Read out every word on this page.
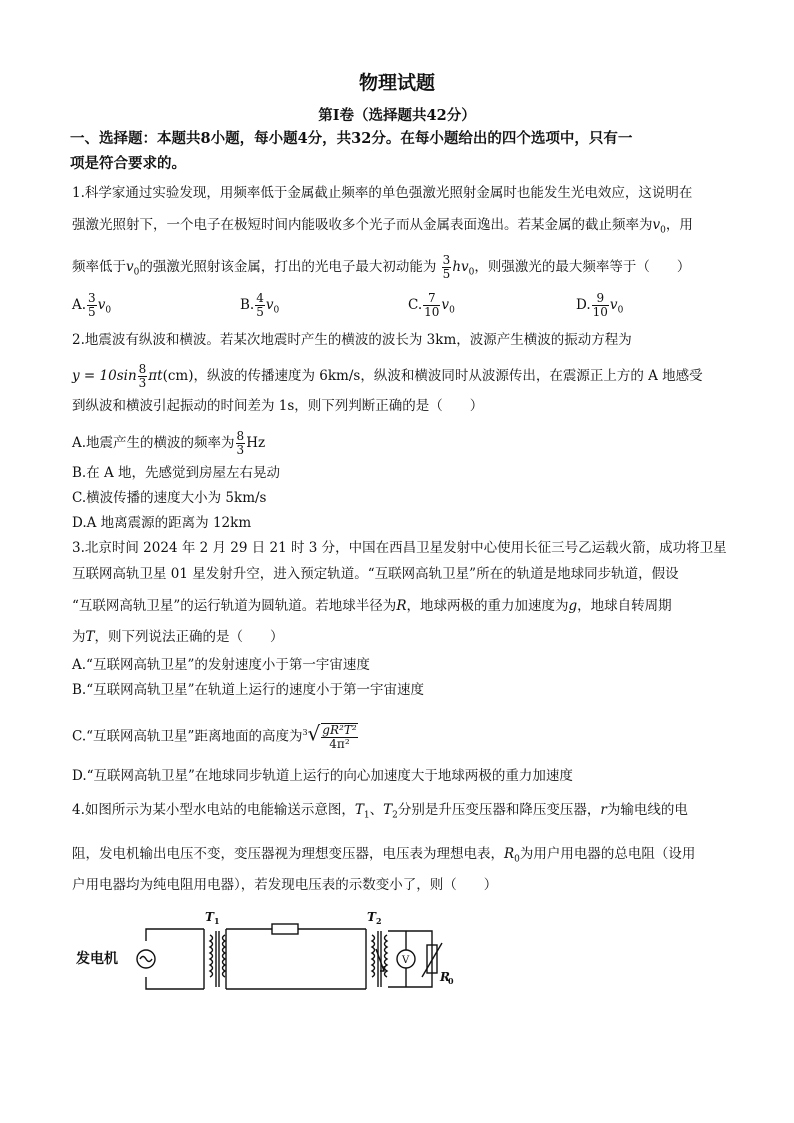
物理试题
第Ⅰ卷（选择题共42分）
一、选择题：本题共8小题，每小题4分，共32分。在每小题给出的四个选项中，只有一
项是符合要求的。
1.科学家通过实验发现，用频率低于金属截止频率的单色强激光照射金属时也能发生光电效应，这说明在
强激光照射下，一个电子在极短时间内能吸收多个光子而从金属表面逸出。若某金属的截止频率为$v_0$，用
频率低于$v_0$的强激光照射该金属，打出的光电子最大初动能为 $\frac{3}{5} hv_0$，则强激光的最大频率等于（　　）
A. $\frac{3}{5} v_0$	B. $\frac{4}{5} v_0$	C. $\frac{7}{10} v_0$	D. $\frac{9}{10} v_0$
2.地震波有纵波和横波。若某次地震时产生的横波的波长为 3km，波源产生横波的振动方程为
$y = 10\sin \frac{8}{3} \pi t(cm)$，纵波的传播速度为 6km/s，纵波和横波同时从波源传出，在震源正上方的 A 地感受
到纵波和横波引起振动的时间差为 1s，则下列判断正确的是（　　）
A.地震产生的横波的频率为 $\frac{8}{3}$ Hz
B.在 A 地，先感觉到房屋左右晃动
C.横波传播的速度大小为 5km/s
D.A 地离震源的距离为 12km
3.北京时间 2024 年 2 月 29 日 21 时 3 分，中国在西昌卫星发射中心使用长征三号乙运载火箭，成功将卫星
互联网高轨卫星 01 星发射升空，进入预定轨道。“互联网高轨卫星”所在的轨道是地球同步轨道，假设
“互联网高轨卫星”的运行轨道为圆轨道。若地球半径为R，地球两极的重力加速度为g，地球自转周期
为T，则下列说法正确的是（　　）
A.“互联网高轨卫星”的发射速度小于第一宇宙速度
B.“互联网高轨卫星”在轨道上运行的速度小于第一宇宙速度
C.“互联网高轨卫星”距离地面的高度为$^3√ \frac{\text{gR²T²}}{\text{4π²}}$
D.“互联网高轨卫星”在地球同步轨道上运行的向心加速度大于地球两极的重力加速度
4.如图所示为某小型水电站的电能输送示意图，$T_1$、$T_2$分别是升压变压器和降压变压器，r为输电线的电
阻，发电机输出电压不变，变压器视为理想变压器，电压表为理想电表，$R_0$为用户用电器的总电阻（设用
户用电器均为纯电阻用电器），若发现电压表的示数变小了，则（　　）
发电机
T 1	T 2
V
R
0
